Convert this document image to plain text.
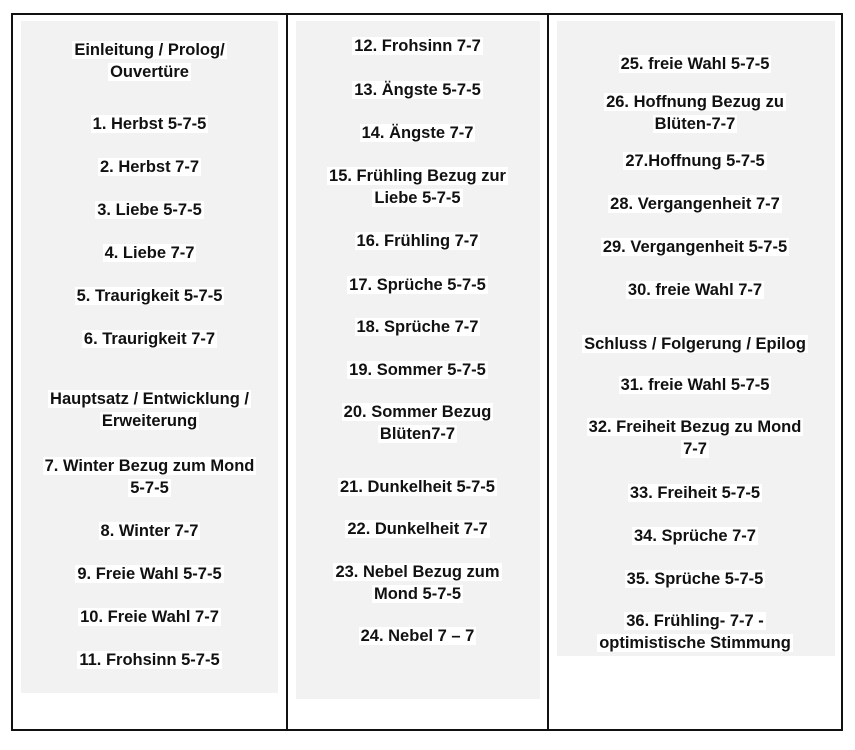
Einleitung / Prolog/
Ouvertüre
1. Herbst 5-7-5
2. Herbst 7-7
3. Liebe 5-7-5
4. Liebe 7-7
5. Traurigkeit 5-7-5
6. Traurigkeit 7-7
Hauptsatz / Entwicklung /
Erweiterung
7. Winter Bezug zum Mond
5-7-5
8. Winter 7-7
9. Freie Wahl 5-7-5
10. Freie Wahl 7-7
11. Frohsinn 5-7-5
12. Frohsinn 7-7
13. Ängste 5-7-5
14. Ängste 7-7
15. Frühling Bezug zur
Liebe 5-7-5
16. Frühling 7-7
17. Sprüche 5-7-5
18. Sprüche 7-7
19. Sommer 5-7-5
20. Sommer Bezug
Blüten7-7
21. Dunkelheit 5-7-5
22. Dunkelheit 7-7
23. Nebel Bezug zum
Mond 5-7-5
24. Nebel 7 – 7
25. freie Wahl 5-7-5
26. Hoffnung Bezug zu
Blüten-7-7
27.Hoffnung 5-7-5
28. Vergangenheit 7-7
29. Vergangenheit 5-7-5
30. freie Wahl 7-7
Schluss / Folgerung / Epilog
31. freie Wahl 5-7-5
32. Freiheit Bezug zu Mond
7-7
33. Freiheit 5-7-5
34. Sprüche 7-7
35. Sprüche 5-7-5
36. Frühling- 7-7 -
optimistische Stimmung
